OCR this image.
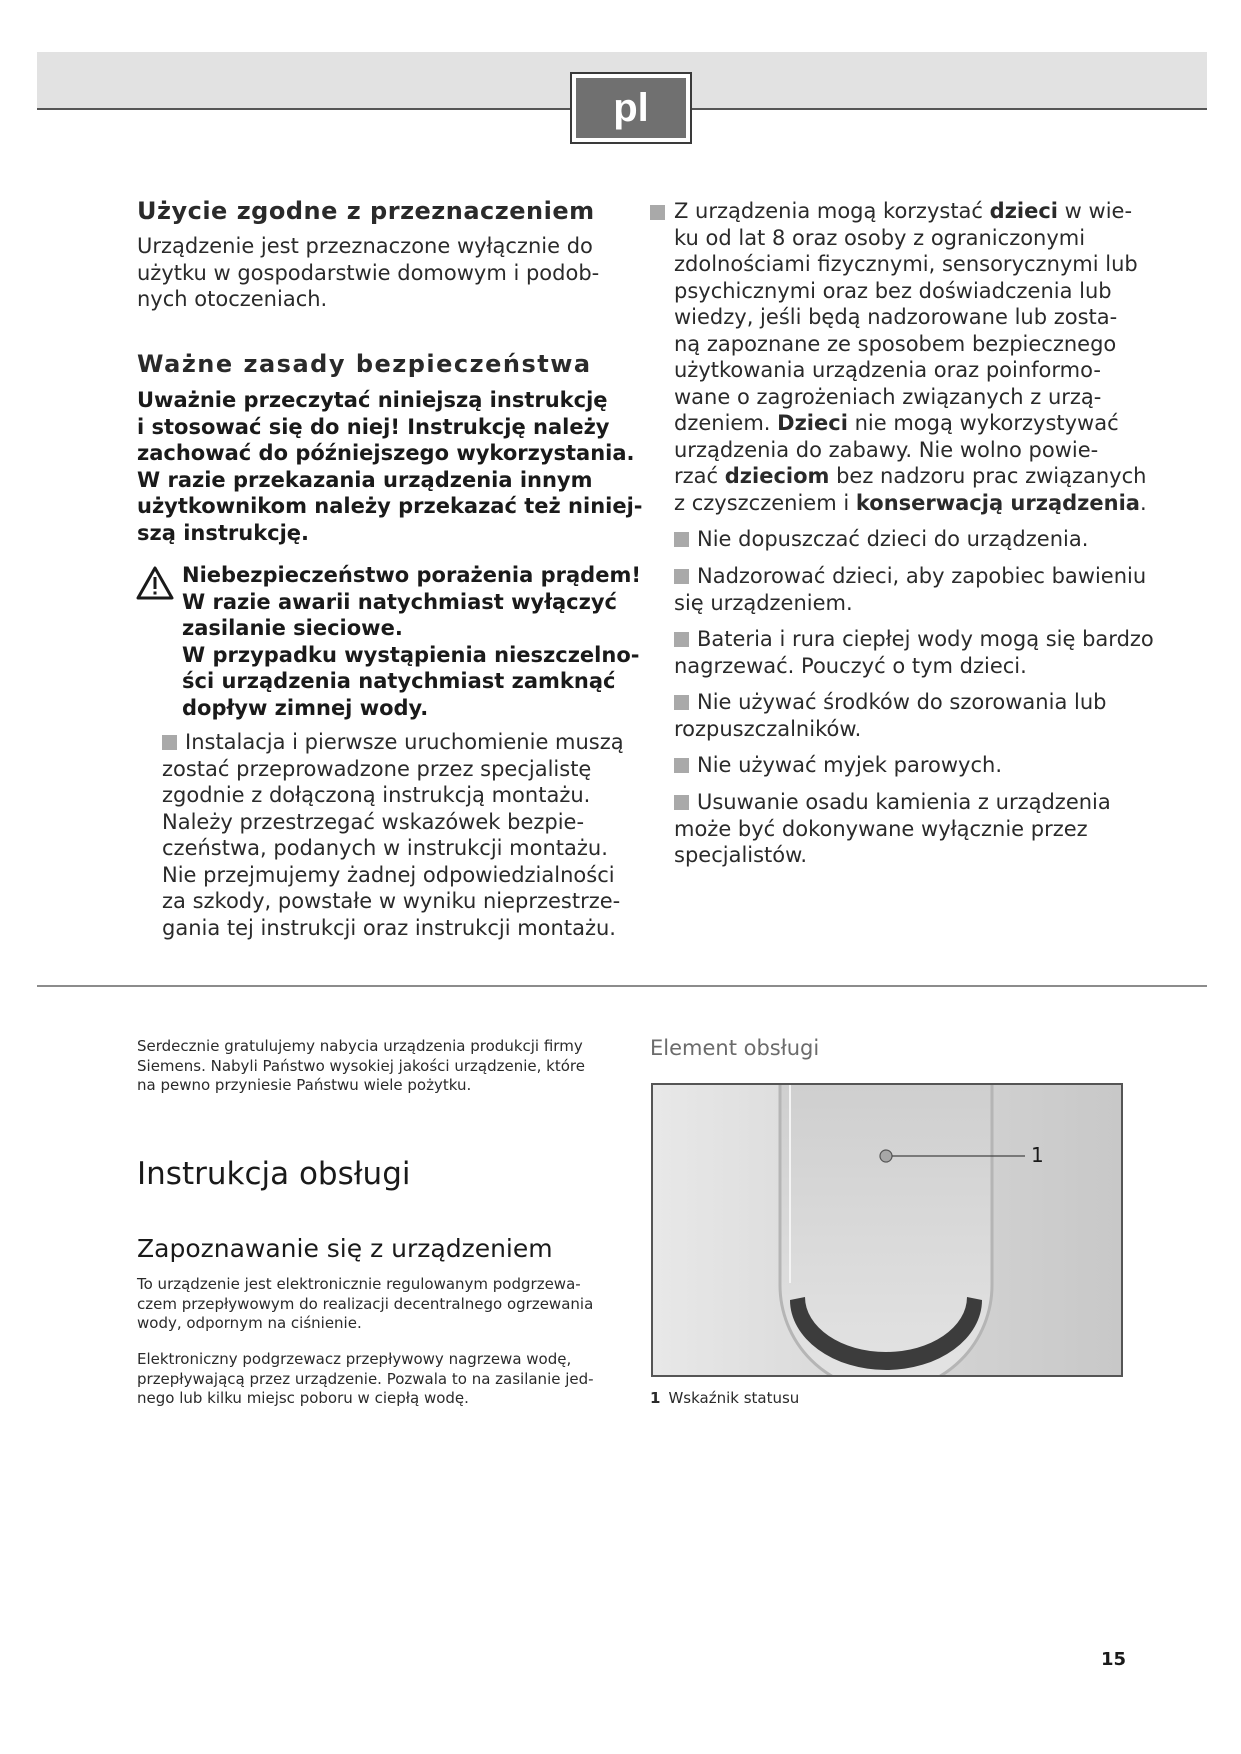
pl
Użycie zgodne z przeznaczeniem
Urządzenie jest przeznaczone wyłącznie do
użytku w gospodarstwie domowym i podob-
nych otoczeniach.
Ważne zasady bezpieczeństwa
Uważnie przeczytać niniejszą instrukcję
i stosować się do niej! Instrukcję należy
zachować do późniejszego wykorzystania.
W razie przekazania urządzenia innym
użytkownikom należy przekazać też niniej-
szą instrukcję.
Niebezpieczeństwo porażenia prądem!
W razie awarii natychmiast wyłączyć
zasilanie sieciowe.
W przypadku wystąpienia nieszczelno-
ści urządzenia natychmiast zamknąć
dopływ zimnej wody.
Instalacja i pierwsze uruchomienie muszą
zostać przeprowadzone przez specjalistę
zgodnie z dołączoną instrukcją montażu.
Należy przestrzegać wskazówek bezpie-
czeństwa, podanych w instrukcji montażu.
Nie przejmujemy żadnej odpowiedzialności
za szkody, powstałe w wyniku nieprzestrze-
gania tej instrukcji oraz instrukcji montażu.
Z urządzenia mogą korzystać dzieci w wie-
ku od lat 8 oraz osoby z ograniczonymi
zdolnościami fizycznymi, sensorycznymi lub
psychicznymi oraz bez doświadczenia lub
wiedzy, jeśli będą nadzorowane lub zosta-
ną zapoznane ze sposobem bezpiecznego
użytkowania urządzenia oraz poinformo-
wane o zagrożeniach związanych z urzą-
dzeniem. Dzieci nie mogą wykorzystywać
urządzenia do zabawy. Nie wolno powie-
rzać dzieciom bez nadzoru prac związanych
z czyszczeniem i konserwacją urządzenia.
Nie dopuszczać dzieci do urządzenia.
Nadzorować dzieci, aby zapobiec bawieniu
się urządzeniem.
Bateria i rura ciepłej wody mogą się bardzo
nagrzewać. Pouczyć o tym dzieci.
Nie używać środków do szorowania lub
rozpuszczalników.
Nie używać myjek parowych.
Usuwanie osadu kamienia z urządzenia
może być dokonywane wyłącznie przez
specjalistów.
Serdecznie gratulujemy nabycia urządzenia produkcji firmy
Siemens. Nabyli Państwo wysokiej jakości urządzenie, które
na pewno przyniesie Państwu wiele pożytku.
Instrukcja obsługi
Zapoznawanie się z urządzeniem
To urządzenie jest elektronicznie regulowanym podgrzewa-
czem przepływowym do realizacji decentralnego ogrzewania
wody, odpornym na ciśnienie.
Elektroniczny podgrzewacz przepływowy nagrzewa wodę,
przepływającą przez urządzenie. Pozwala to na zasilanie jed-
nego lub kilku miejsc poboru w ciepłą wodę.
Element obsługi
1
1 Wskaźnik statusu
15
